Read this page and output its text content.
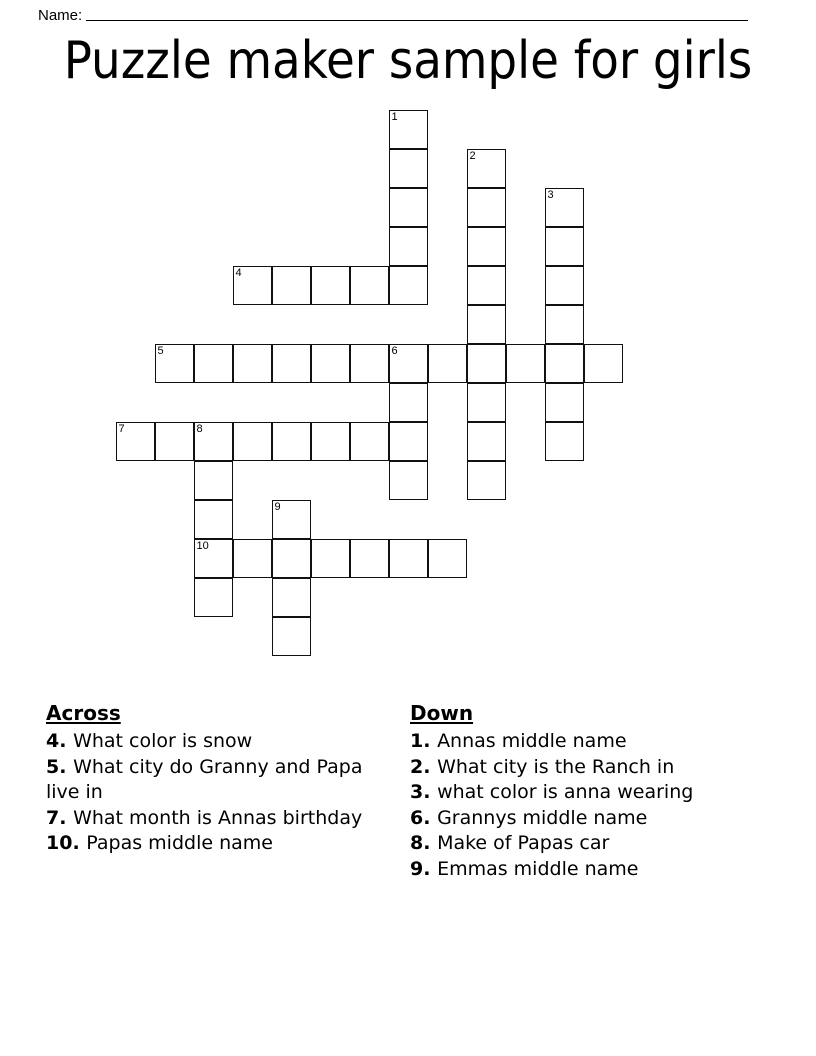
Name:
Puzzle maker sample for girls
1
2
3
4
5	6
7	8
9
10
Across

4. What color is snow

5. What city do Granny and Papa live in

7. What month is Annas birthday

10. Papas middle name

Down

1. Annas middle name

2. What city is the Ranch in

3. what color is anna wearing

6. Grannys middle name

8. Make of Papas car

9. Emmas middle name
